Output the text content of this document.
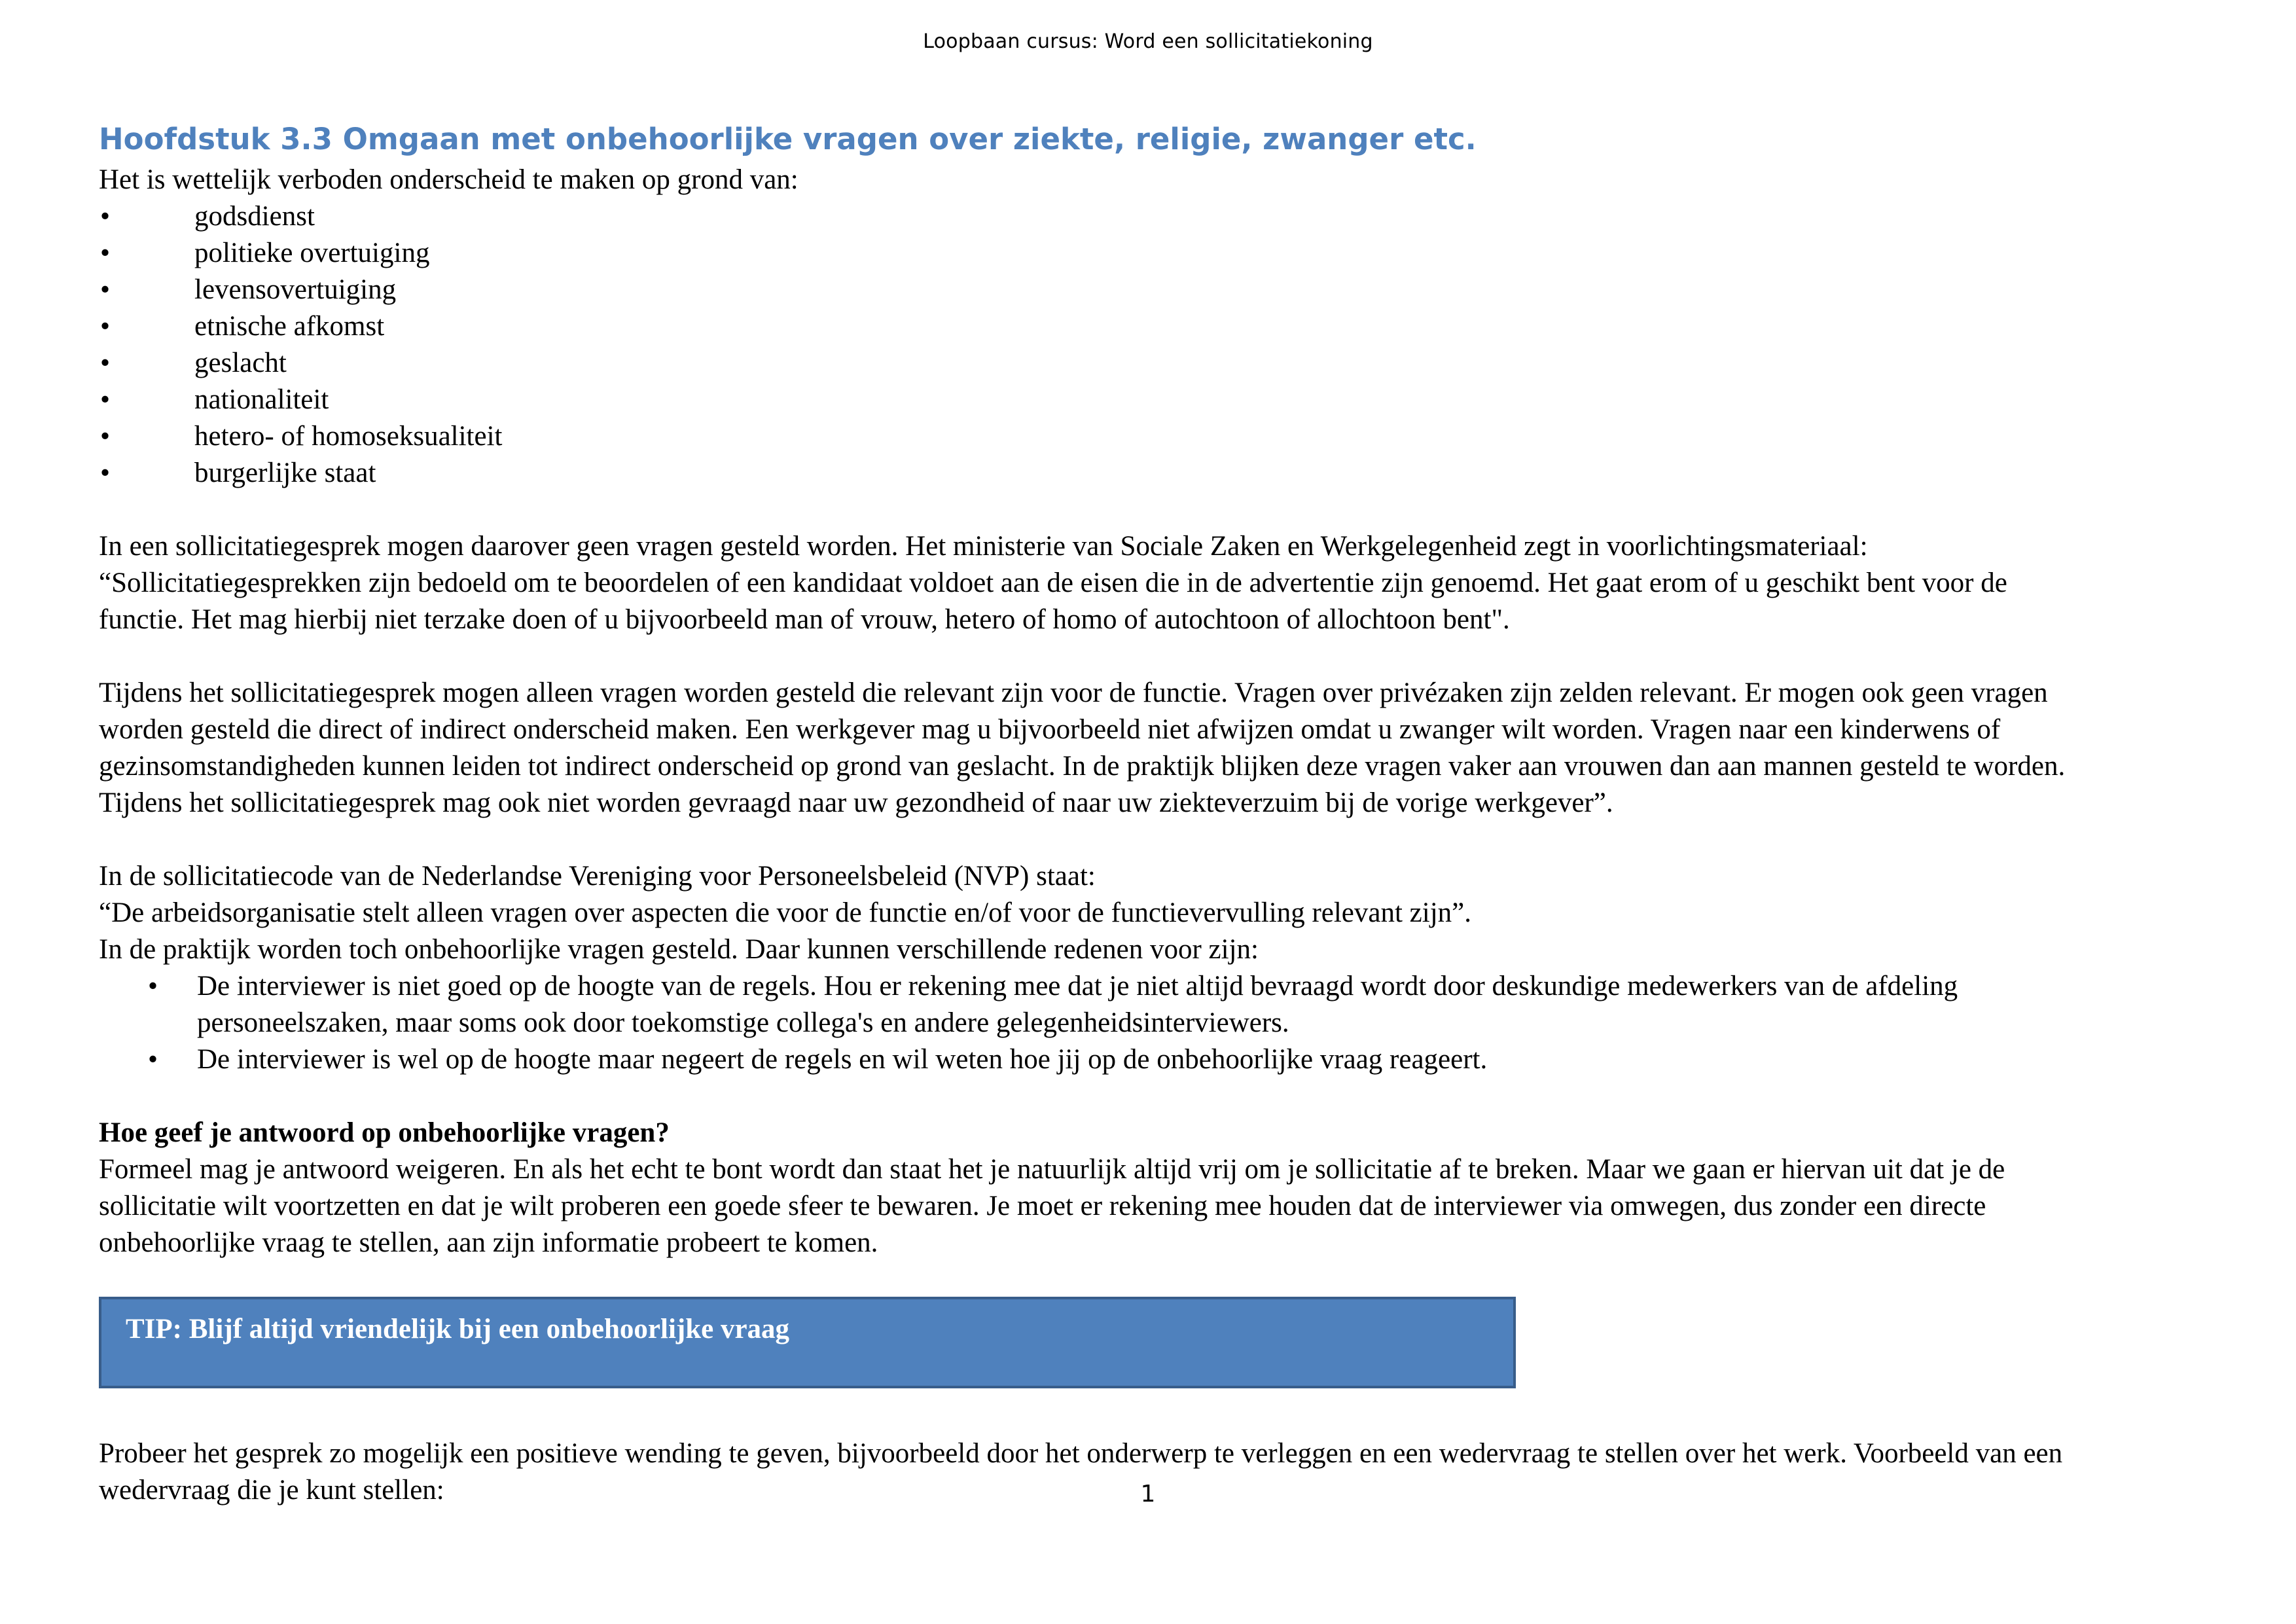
Loopbaan cursus: Word een sollicitatiekoning
Hoofdstuk 3.3 Omgaan met onbehoorlijke vragen over ziekte, religie, zwanger etc.

Het is wettelijk verboden onderscheid te maken op grond van:

•	godsdienst
•	politieke overtuiging
•	levensovertuiging
•	etnische afkomst
•	geslacht
•	nationaliteit
•	hetero- of homoseksualiteit
•	burgerlijke staat

In een sollicitatiegesprek mogen daarover geen vragen gesteld worden. Het ministerie van Sociale Zaken en Werkgelegenheid zegt in voorlichtingsmateriaal:

“Sollicitatiegesprekken zijn bedoeld om te beoordelen of een kandidaat voldoet aan de eisen die in de advertentie zijn genoemd. Het gaat erom of u geschikt bent voor de

functie. Het mag hierbij niet terzake doen of u bijvoorbeeld man of vrouw, hetero of homo of autochtoon of allochtoon bent".

Tijdens het sollicitatiegesprek mogen alleen vragen worden gesteld die relevant zijn voor de functie. Vragen over privézaken zijn zelden relevant. Er mogen ook geen vragen

worden gesteld die direct of indirect onderscheid maken. Een werkgever mag u bijvoorbeeld niet afwijzen omdat u zwanger wilt worden. Vragen naar een kinderwens of

gezinsomstandigheden kunnen leiden tot indirect onderscheid op grond van geslacht. In de praktijk blijken deze vragen vaker aan vrouwen dan aan mannen gesteld te worden.

Tijdens het sollicitatiegesprek mag ook niet worden gevraagd naar uw gezondheid of naar uw ziekteverzuim bij de vorige werkgever”.

In de sollicitatiecode van de Nederlandse Vereniging voor Personeelsbeleid (NVP) staat:

“De arbeidsorganisatie stelt alleen vragen over aspecten die voor de functie en/of voor de functievervulling relevant zijn”.

In de praktijk worden toch onbehoorlijke vragen gesteld. Daar kunnen verschillende redenen voor zijn:

• De interviewer is niet goed op de hoogte van de regels. Hou er rekening mee dat je niet altijd bevraagd wordt door deskundige medewerkers van de afdeling
personeelszaken, maar soms ook door toekomstige collega's en andere gelegenheidsinterviewers.
• De interviewer is wel op de hoogte maar negeert de regels en wil weten hoe jij op de onbehoorlijke vraag reageert.

Hoe geef je antwoord op onbehoorlijke vragen?

Formeel mag je antwoord weigeren. En als het echt te bont wordt dan staat het je natuurlijk altijd vrij om je sollicitatie af te breken. Maar we gaan er hiervan uit dat je de

sollicitatie wilt voortzetten en dat je wilt proberen een goede sfeer te bewaren. Je moet er rekening mee houden dat de interviewer via omwegen, dus zonder een directe

onbehoorlijke vraag te stellen, aan zijn informatie probeert te komen.

TIP: Blijf altijd vriendelijk bij een onbehoorlijke vraag

Probeer het gesprek zo mogelijk een positieve wending te geven, bijvoorbeeld door het onderwerp te verleggen en een wedervraag te stellen over het werk. Voorbeeld van een

wedervraag die je kunt stellen:	1
